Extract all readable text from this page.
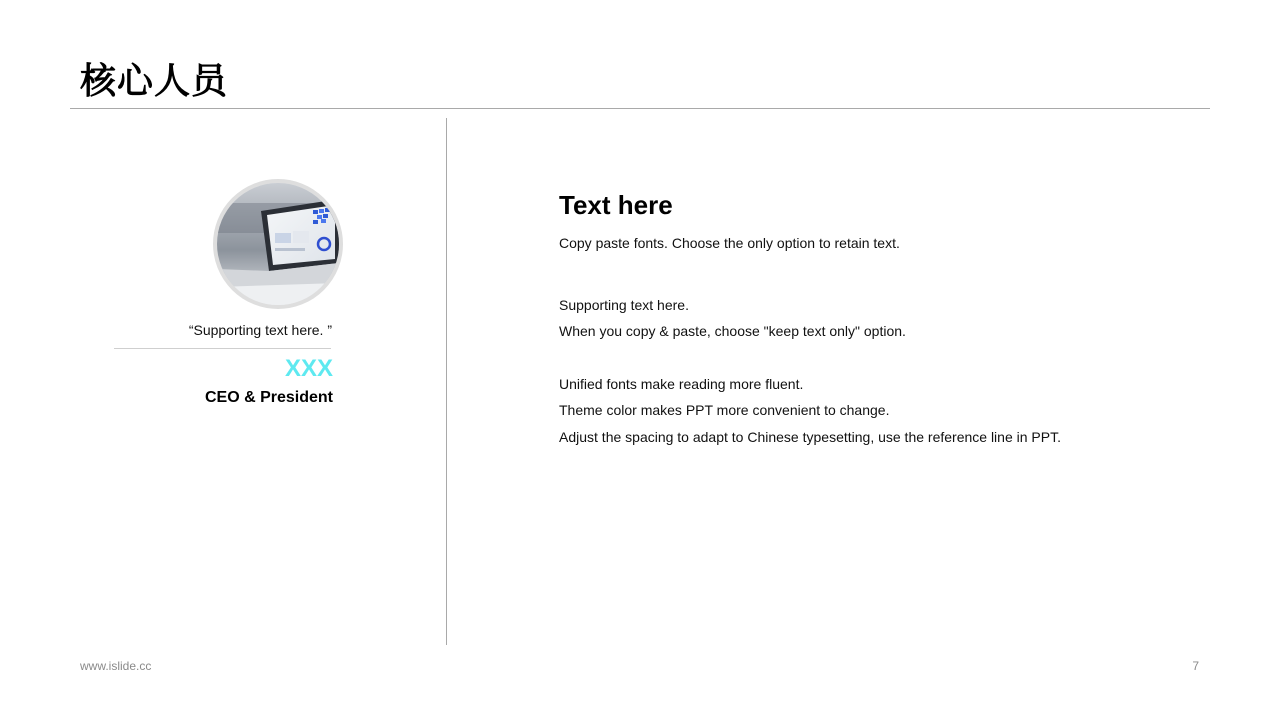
核心人员
“Supporting text here. ”
XXX
CEO & President
Text here
Copy paste fonts. Choose the only option to retain text.
Supporting text here.
When you copy & paste, choose "keep text only" option.
Unified fonts make reading more fluent.
Theme color makes PPT more convenient to change.
Adjust the spacing to adapt to Chinese typesetting, use the reference line in PPT.
www.islide.cc	7
